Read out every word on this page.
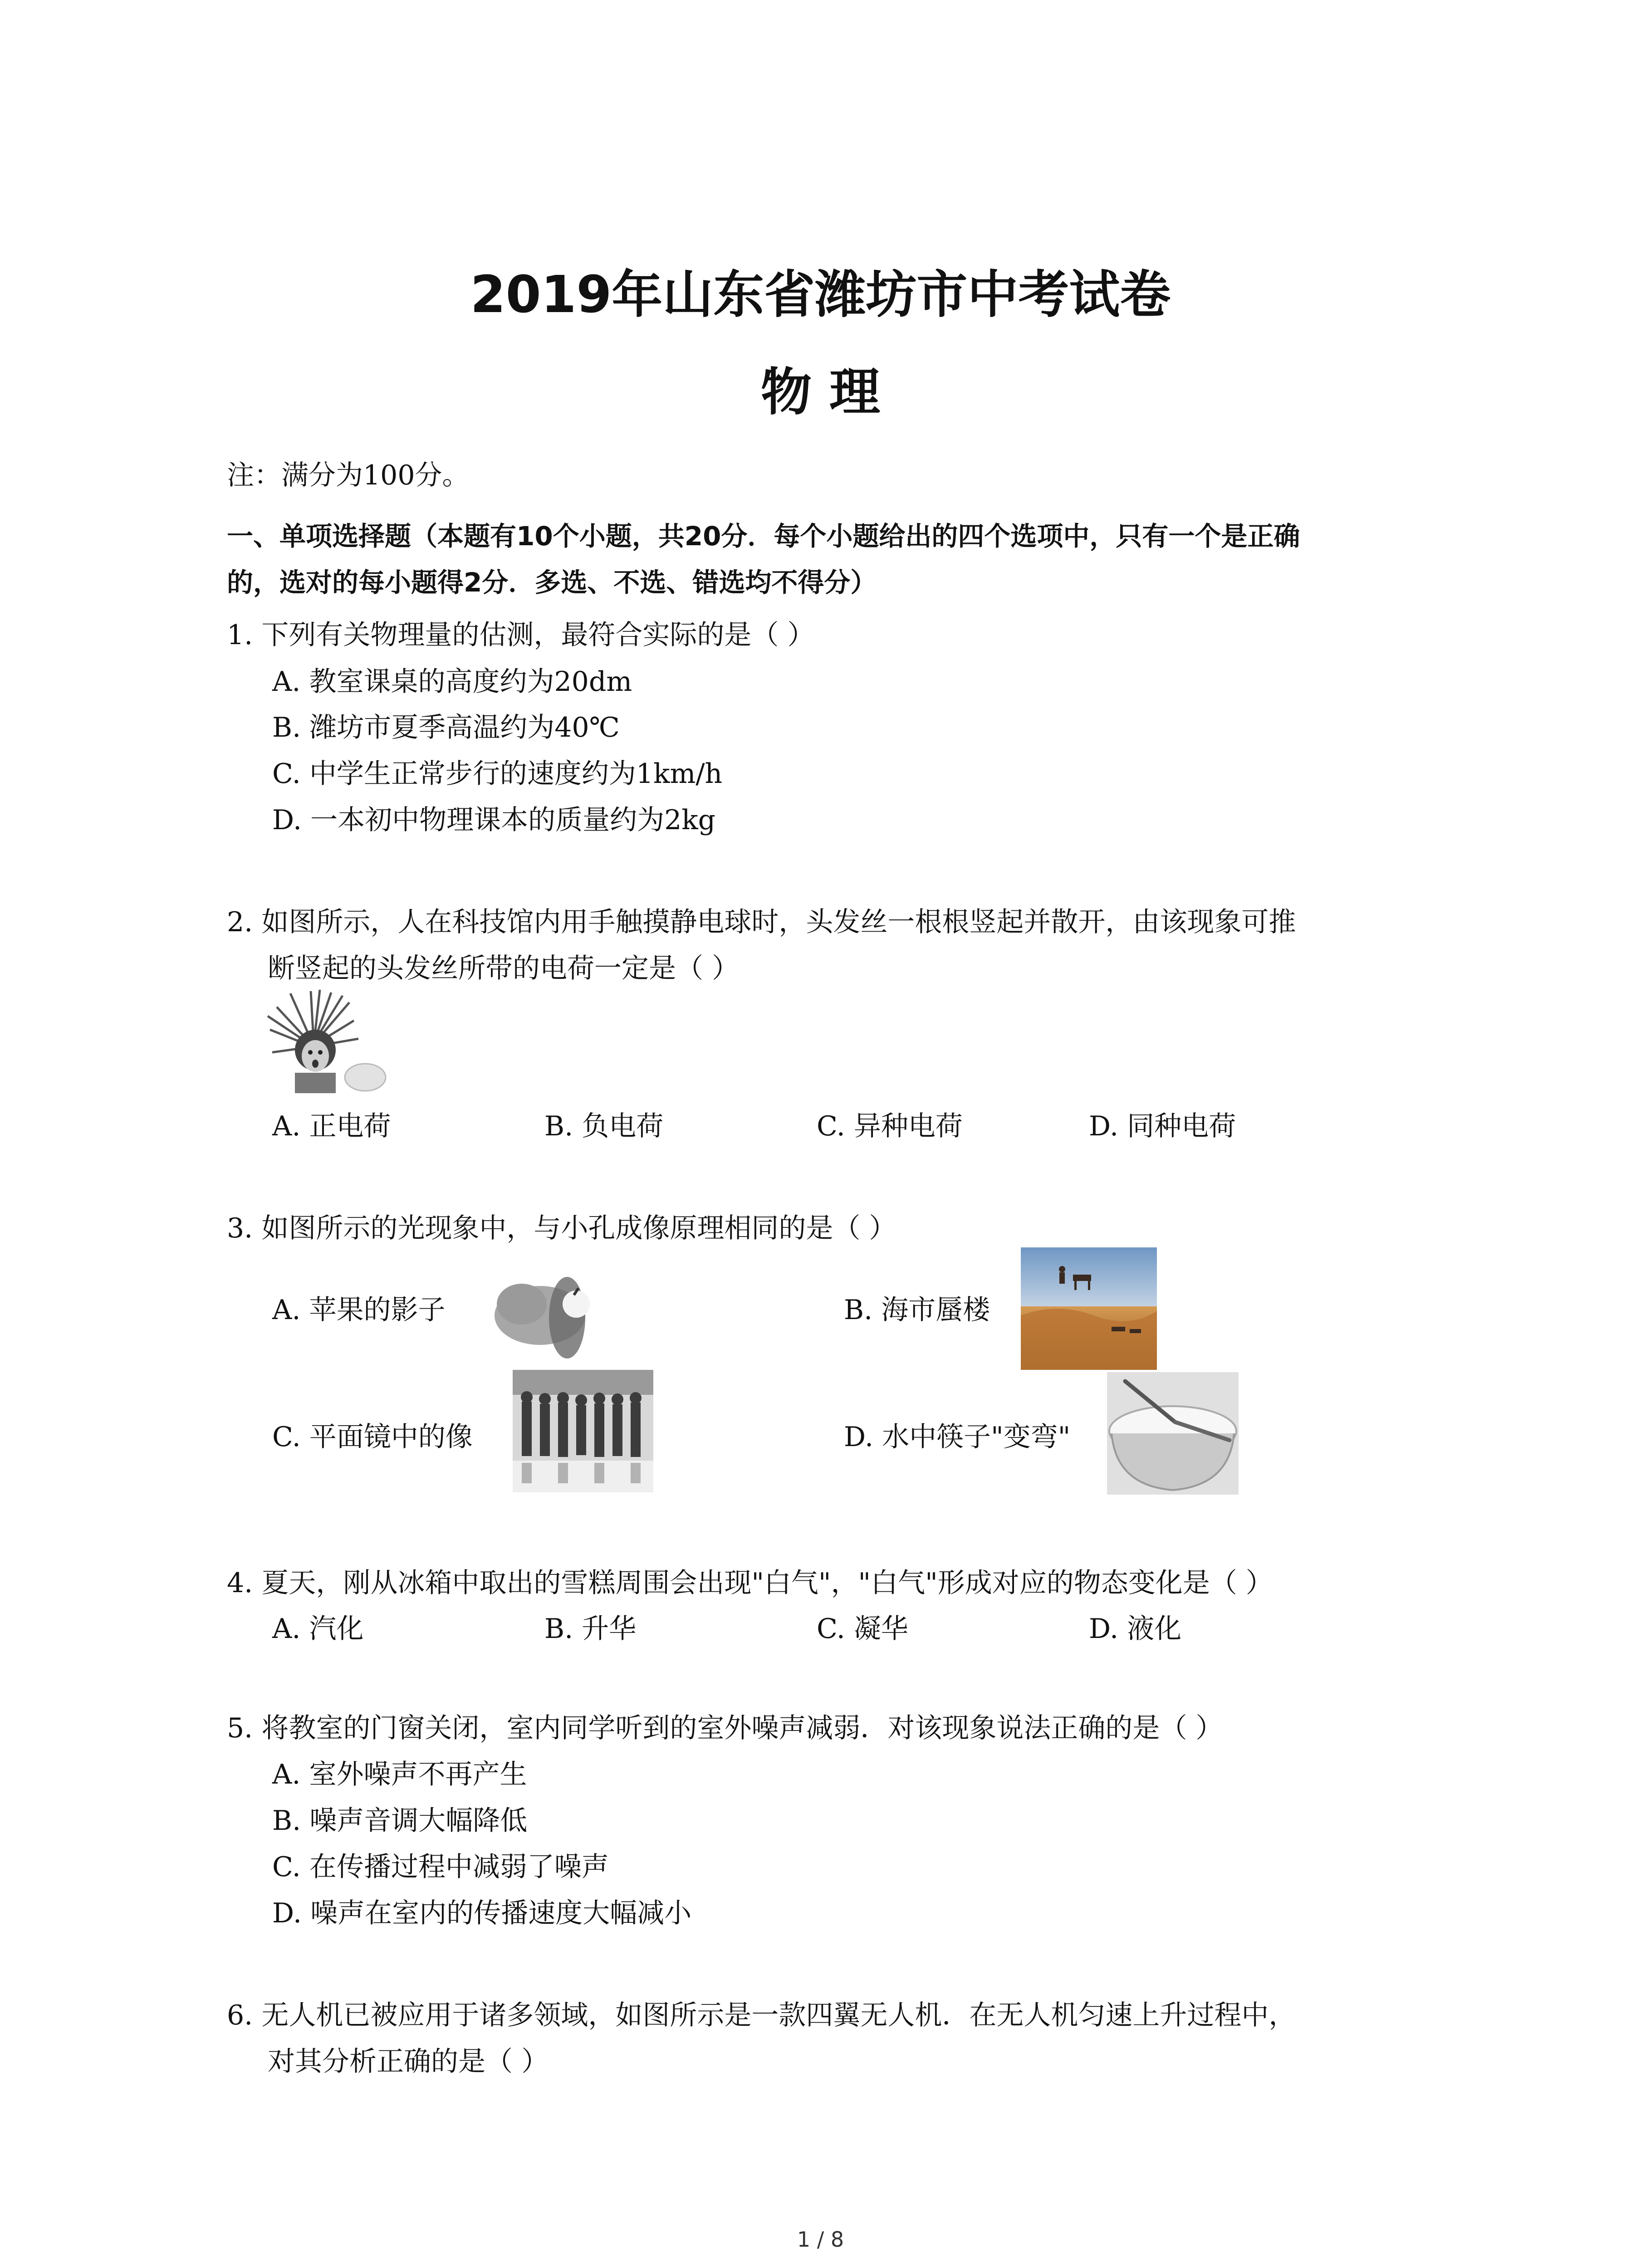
2019年山东省潍坊市中考试卷
物 理
注：满分为100分。
一、单项选择题（本题有10个小题，共20分．每个小题给出的四个选项中，只有一个是正确
的，选对的每小题得2分．多选、不选、错选均不得分）
1. 下列有关物理量的估测，最符合实际的是（ ）
A. 教室课桌的高度约为20dm
B. 潍坊市夏季高温约为40℃
C. 中学生正常步行的速度约为1km/h
D. 一本初中物理课本的质量约为2kg
2. 如图所示，人在科技馆内用手触摸静电球时，头发丝一根根竖起并散开，由该现象可推
断竖起的头发丝所带的电荷一定是（ ）
A. 正电荷	B. 负电荷	C. 异种电荷	D. 同种电荷
3. 如图所示的光现象中，与小孔成像原理相同的是（ ）
A. 苹果的影子	B. 海市蜃楼
C. 平面镜中的像	D. 水中筷子"变弯"
4. 夏天，刚从冰箱中取出的雪糕周围会出现"白气"，"白气"形成对应的物态变化是（ ）
A. 汽化	B. 升华	C. 凝华	D. 液化
5. 将教室的门窗关闭，室内同学听到的室外噪声减弱．对该现象说法正确的是（ ）
A. 室外噪声不再产生
B. 噪声音调大幅降低
C. 在传播过程中减弱了噪声
D. 噪声在室内的传播速度大幅减小
6. 无人机已被应用于诸多领域，如图所示是一款四翼无人机．在无人机匀速上升过程中，
对其分析正确的是（ ）
1 / 8
